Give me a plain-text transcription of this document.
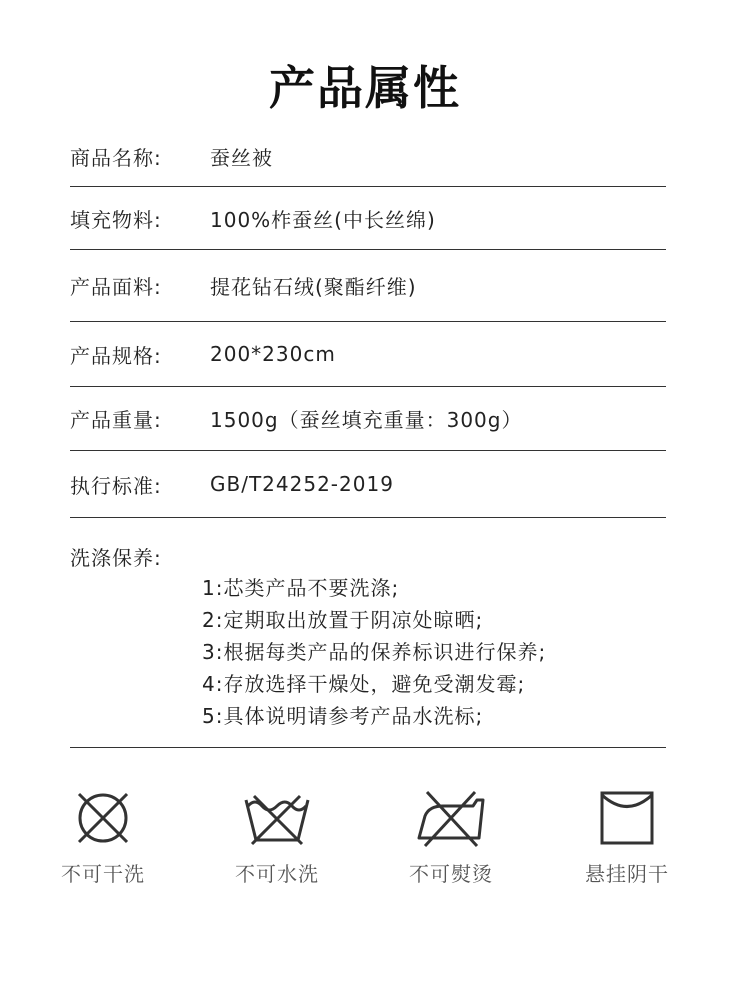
产品属性
商品名称:	蚕丝被
填充物料:	100%柞蚕丝(中长丝绵)
产品面料:	提花钻石绒(聚酯纤维)
产品规格:	200*230cm
产品重量:	1500g（蚕丝填充重量：300g）
执行标准:	GB/T24252-2019
洗涤保养:
1:芯类产品不要洗涤;
2:定期取出放置于阴凉处晾晒;
3:根据每类产品的保养标识进行保养;
4:存放选择干燥处，避免受潮发霉;
5:具体说明请参考产品水洗标;
不可干洗	不可水洗	不可熨烫	悬挂阴干
